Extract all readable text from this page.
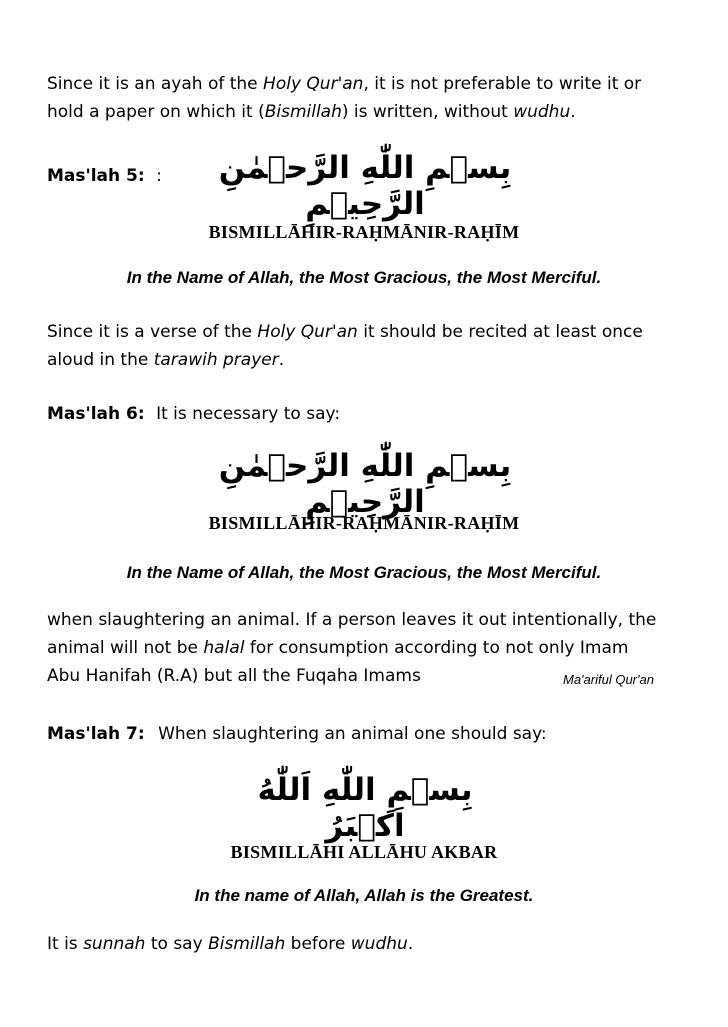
Since it is an ayah of the Holy Qur'an, it is not preferable to write it or
hold a paper on which it (Bismillah) is written, without wudhu.
Mas'lah 5: :	بِسۡمِ اللّٰهِ الرَّحۡمٰنِ الرَّحِيۡمِ
BISMILLĀHIR-RAḤMĀNIR-RAḤĪM
In the Name of Allah, the Most Gracious, the Most Merciful.
Since it is a verse of the Holy Qur'an it should be recited at least once
aloud in the tarawih prayer.
Mas'lah 6: It is necessary to say:
بِسۡمِ اللّٰهِ الرَّحۡمٰنِ الرَّحِيۡمِ
BISMILLĀHIR-RAḤMĀNIR-RAḤĪM
In the Name of Allah, the Most Gracious, the Most Merciful.
when slaughtering an animal. If a person leaves it out intentionally, the
animal will not be halal for consumption according to not only Imam
Abu Hanifah (R.A) but all the Fuqaha Imams	Ma'ariful Qur'an
Mas'lah 7: When slaughtering an animal one should say:
بِسۡمِ اللّٰهِ اَللّٰهُ اَكۡبَرُ
BISMILLĀHI ALLĀHU AKBAR
In the name of Allah, Allah is the Greatest.
It is sunnah to say Bismillah before wudhu.
